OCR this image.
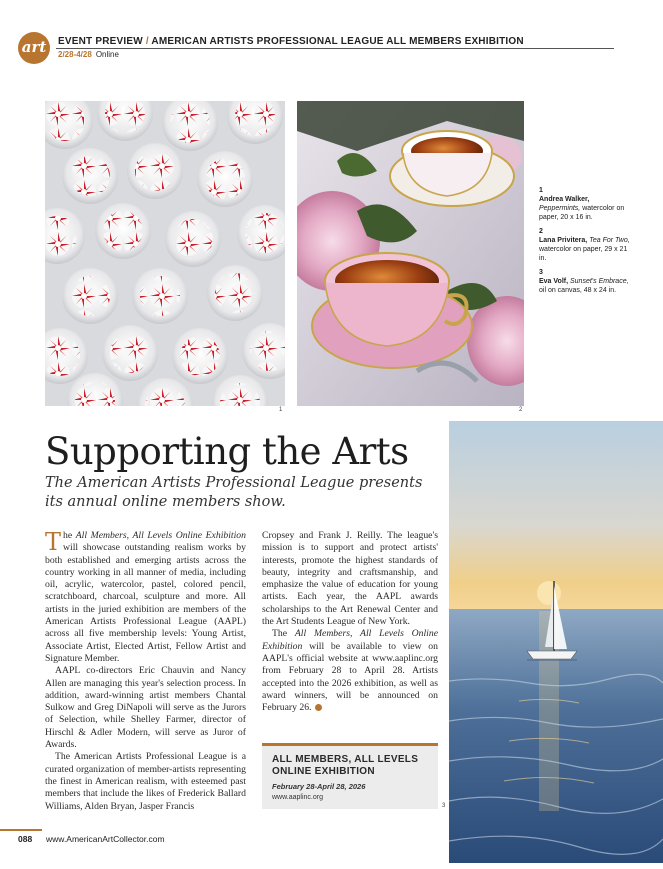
art	EVENT PREVIEW / AMERICAN ARTISTS PROFESSIONAL LEAGUE ALL MEMBERS EXHIBITION
2/28-4/28 Online
1	2
1
Andrea Walker, Peppermints, watercolor on paper, 20 x 16 in.
2
Lana Privitera, Tea For Two, watercolor on paper, 29 x 21 in.
3
Eva Volf, Sunset's Embrace, oil on canvas, 48 x 24 in.
Supporting the Arts
The American Artists Professional League presents its annual online members show.

The All Members, All Levels Online Exhibition will showcase outstanding realism works by both established and emerging artists across the country working in all manner of media, including oil, acrylic, watercolor, pastel, colored pencil, scratchboard, charcoal, sculpture and more. All artists in the juried exhibition are members of the American Artists Professional League (AAPL) across all five membership levels: Young Artist, Associate Artist, Elected Artist, Fellow Artist and Signature Member.

AAPL co-directors Eric Chauvin and Nancy Allen are managing this year's selection process. In addition, award-winning artist members Chantal Sulkow and Greg DiNapoli will serve as the Jurors of Selection, while Shelley Farmer, director of Hirschl & Adler Modern, will serve as Juror of Awards.

The American Artists Professional League is a curated organization of member-artists representing the finest in American realism, with esteemed past members that include the likes of Frederick Ballard Williams, Alden Bryan, Jasper Francis

Cropsey and Frank J. Reilly. The league's mission is to support and protect artists' interests, promote the highest standards of beauty, integrity and craftsmanship, and emphasize the value of education for young artists. Each year, the AAPL awards scholarships to the Art Renewal Center and the Art Students League of New York.

The All Members, All Levels Online Exhibition will be available to view on AAPL's official website at www.aaplinc.org from February 28 to April 28. Artists accepted into the 2026 exhibition, as well as award winners, will be announced on February 26.

ALL MEMBERS, ALL LEVELS ONLINE EXHIBITION
February 28-April 28, 2026
www.aaplinc.org
3
088 www.AmericanArtCollector.com
